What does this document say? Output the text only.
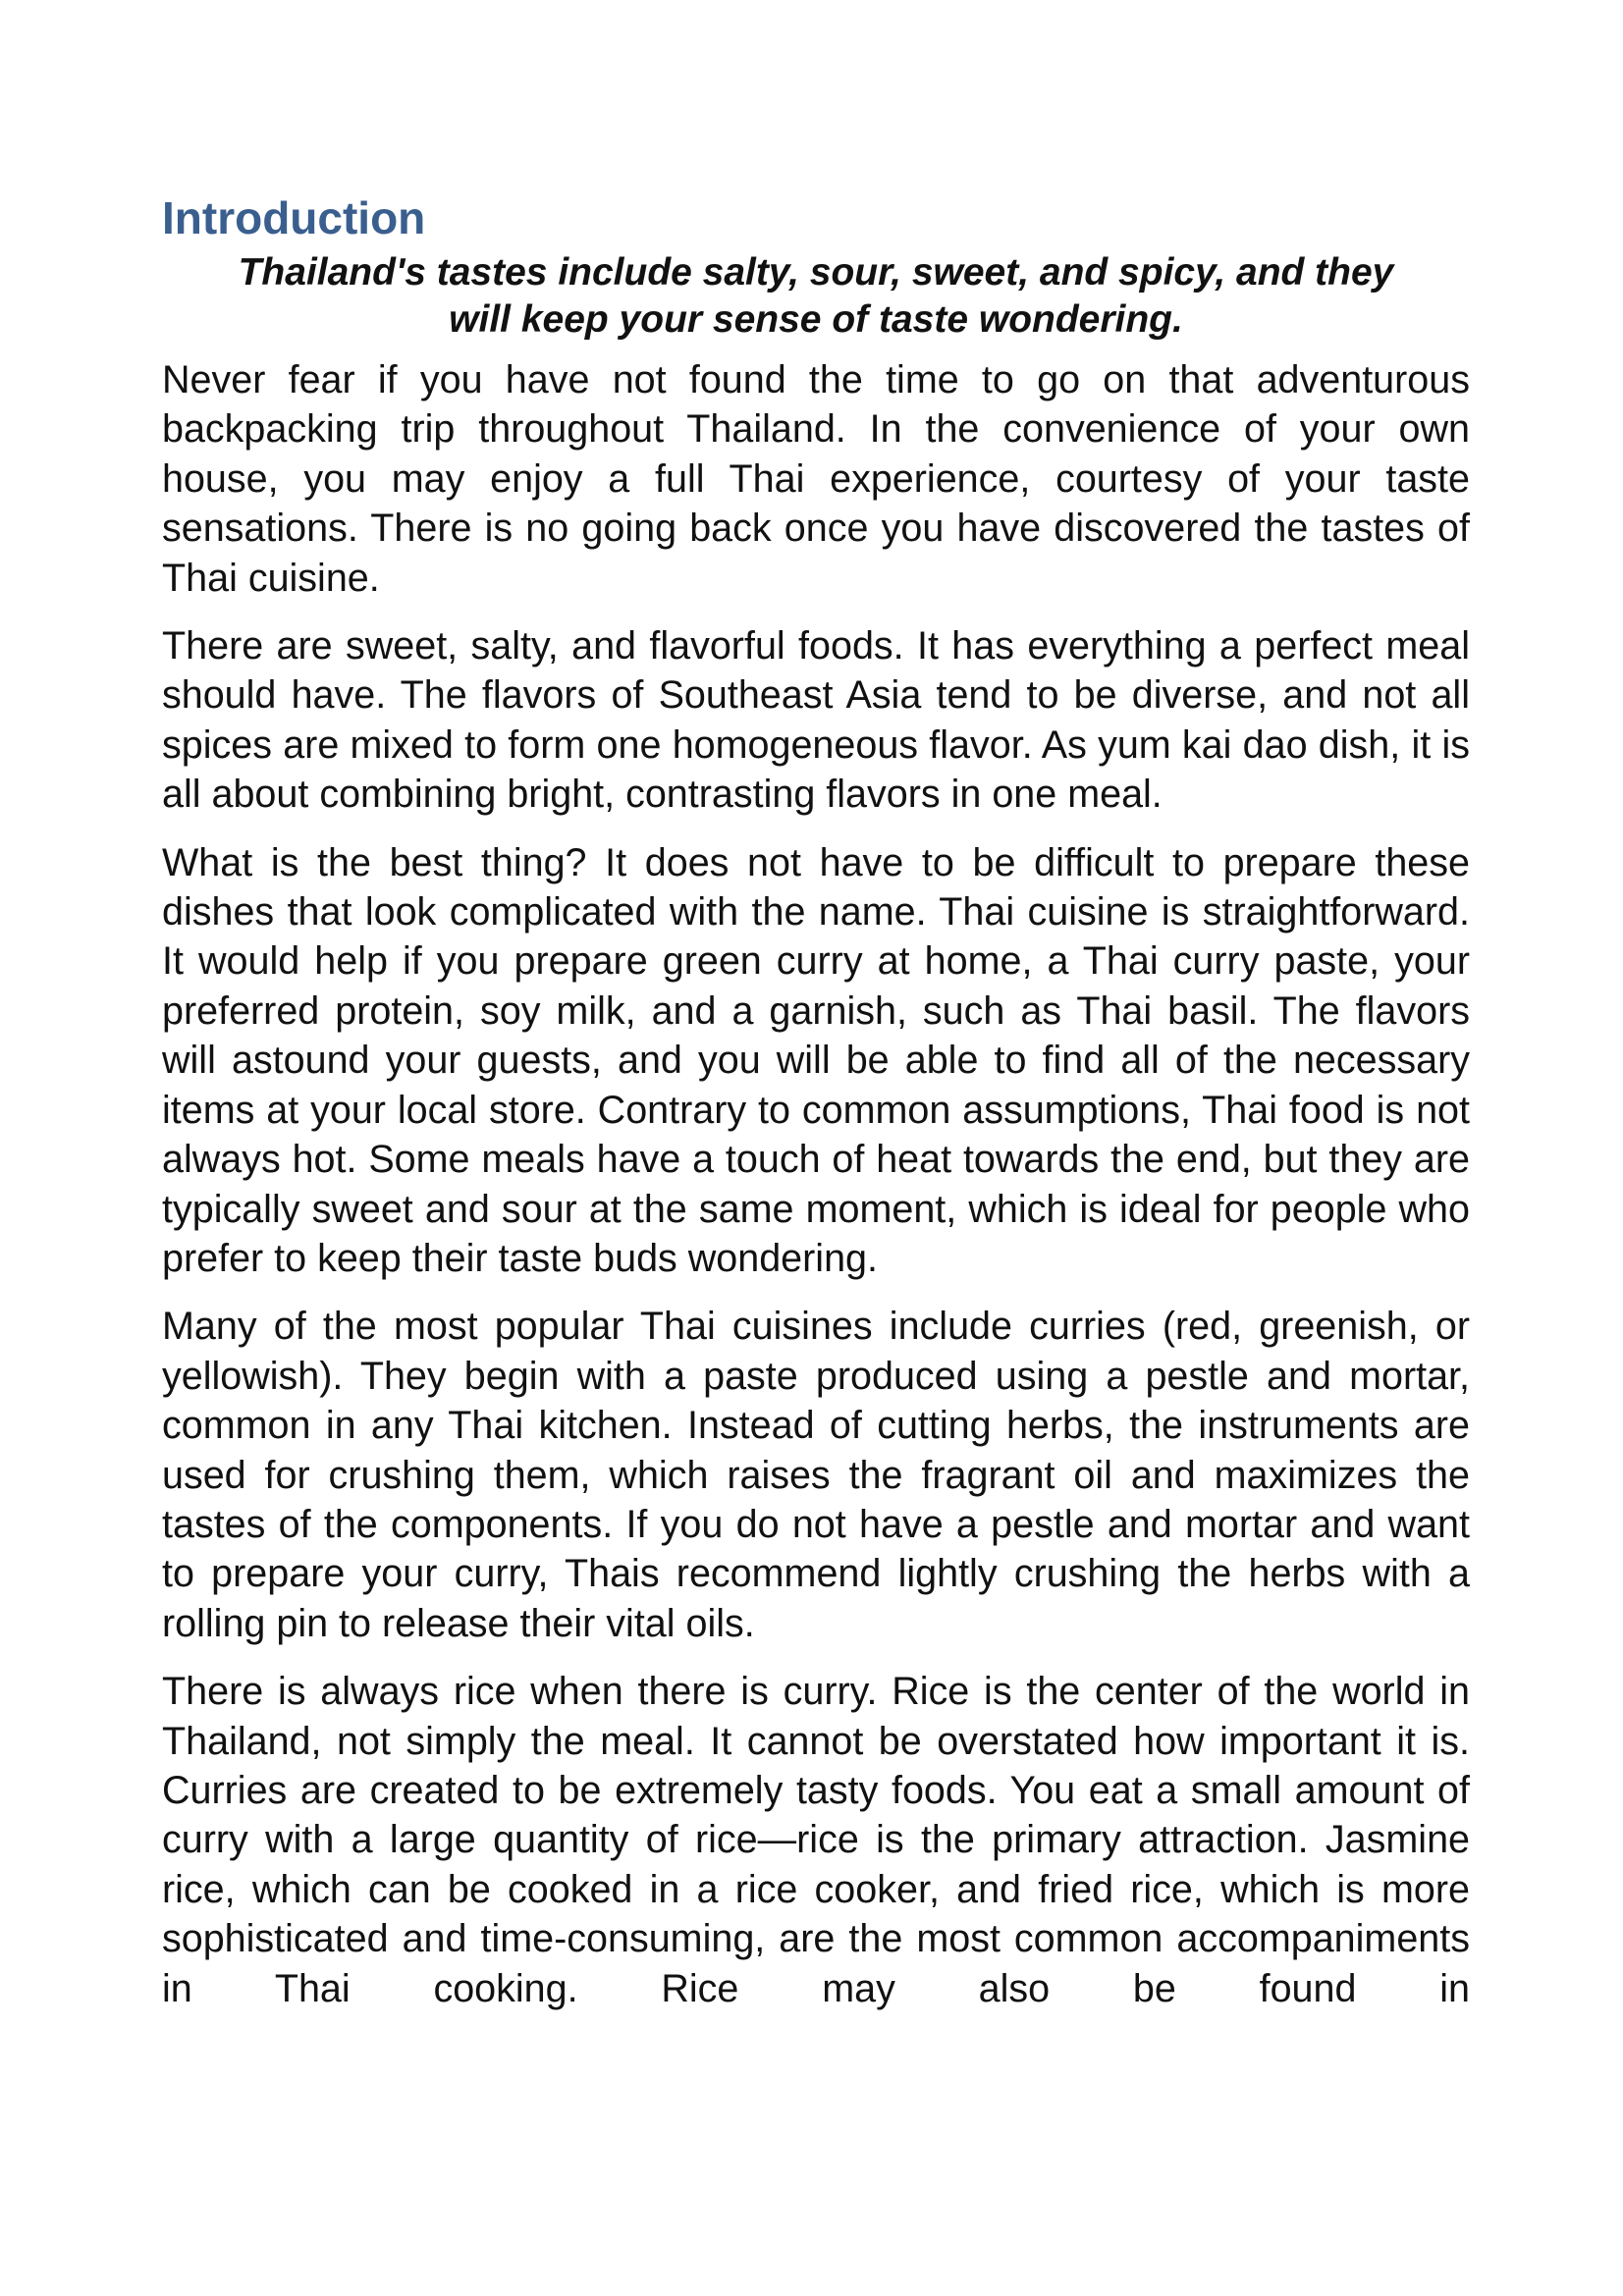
Introduction
Thailand's tastes include salty, sour, sweet, and spicy, and they
will keep your sense of taste wondering.

Never fear if you have not found the time to go on that adventurous backpacking trip throughout Thailand. In the convenience of your own house, you may enjoy a full Thai experience, courtesy of your taste sensations. There is no going back once you have discovered the tastes of Thai cuisine.

There are sweet, salty, and flavorful foods. It has everything a perfect meal should have. The flavors of Southeast Asia tend to be diverse, and not all spices are mixed to form one homogeneous flavor. As yum kai dao dish, it is all about combining bright, contrasting flavors in one meal.

What is the best thing? It does not have to be difficult to prepare these dishes that look complicated with the name. Thai cuisine is straightforward. It would help if you prepare green curry at home, a Thai curry paste, your preferred protein, soy milk, and a garnish, such as Thai basil. The flavors will astound your guests, and you will be able to find all of the necessary items at your local store. Contrary to common assumptions, Thai food is not always hot. Some meals have a touch of heat towards the end, but they are typically sweet and sour at the same moment, which is ideal for people who prefer to keep their taste buds wondering.

Many of the most popular Thai cuisines include curries (red, greenish, or yellowish). They begin with a paste produced using a pestle and mortar, common in any Thai kitchen. Instead of cutting herbs, the instruments are used for crushing them, which raises the fragrant oil and maximizes the tastes of the components. If you do not have a pestle and mortar and want to prepare your curry, Thais recommend lightly crushing the herbs with a rolling pin to release their vital oils.

There is always rice when there is curry. Rice is the center of the world in Thailand, not simply the meal. It cannot be overstated how important it is. Curries are created to be extremely tasty foods. You eat a small amount of curry with a large quantity of rice—rice is the primary attraction. Jasmine rice, which can be cooked in a rice cooker, and fried rice, which is more sophisticated and time-consuming, are the most common accompaniments in Thai cooking. Rice may also be found in
